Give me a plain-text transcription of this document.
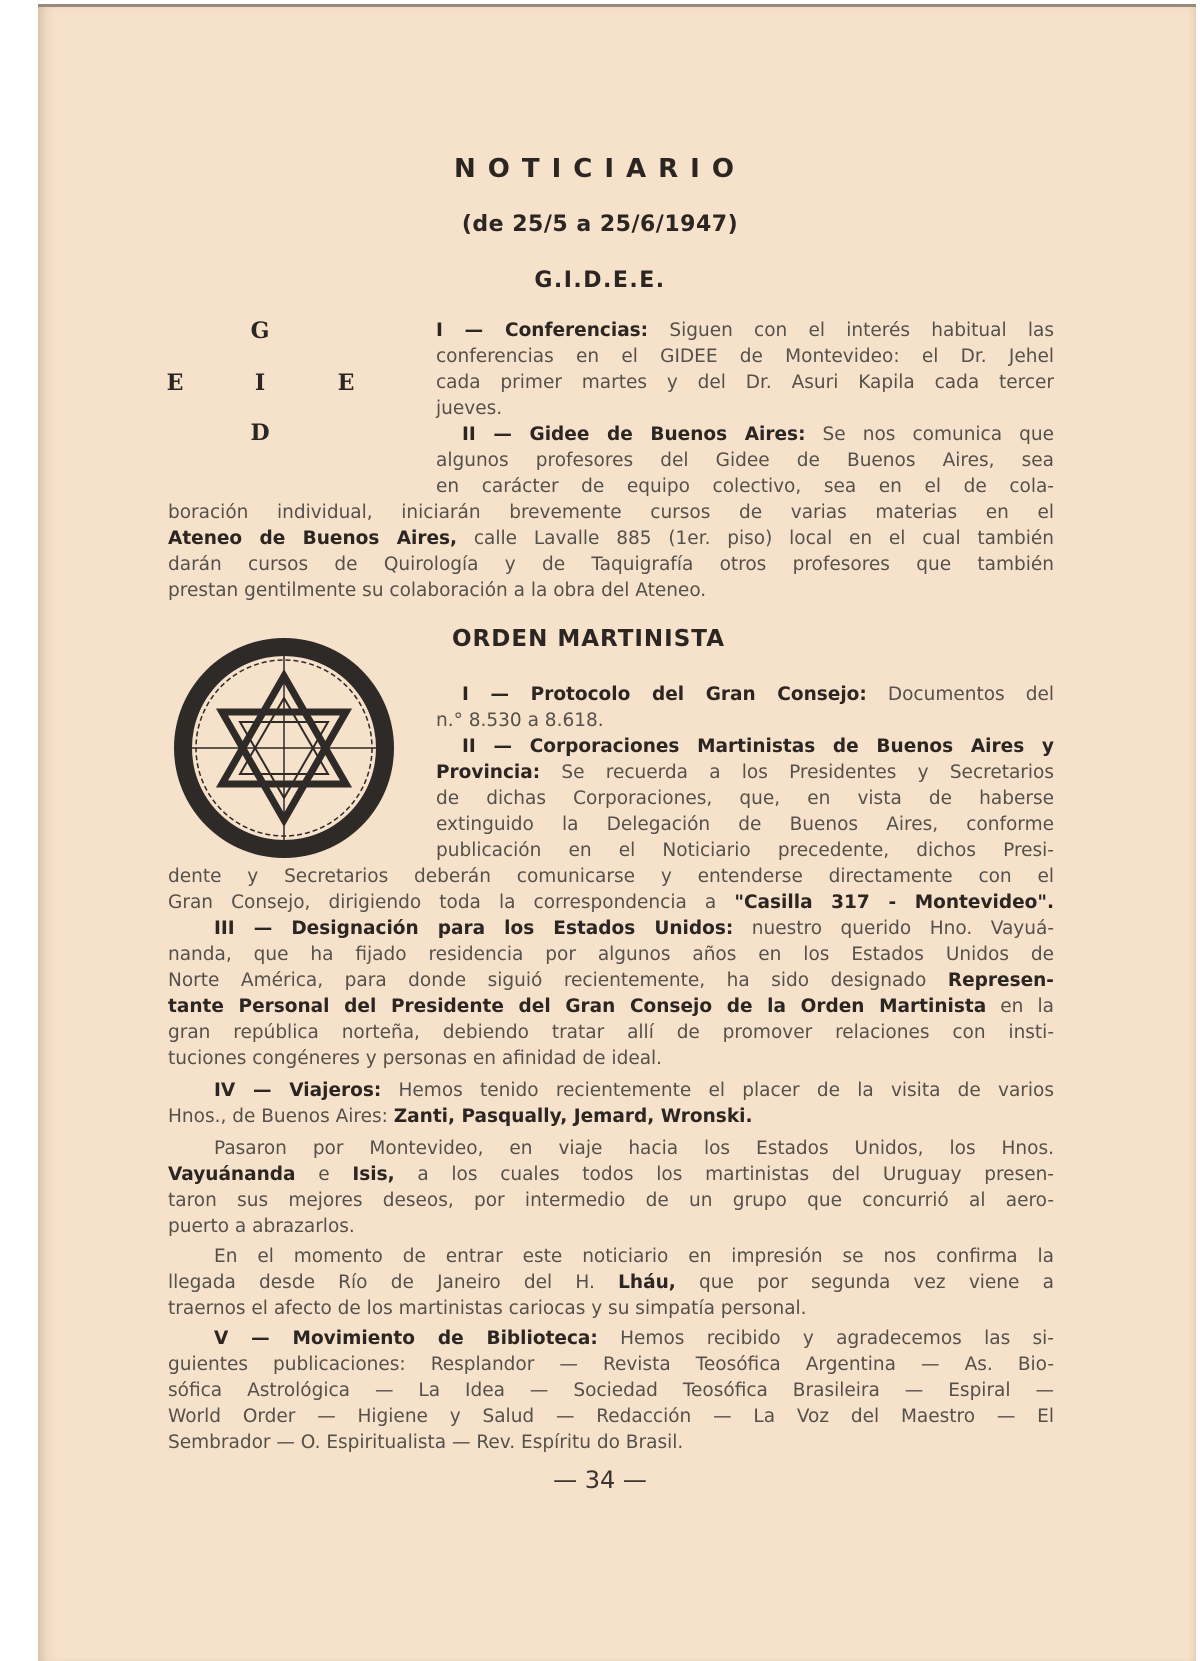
NOTICIARIO
(de 25/5 a 25/6/1947)
G.I.D.E.E.
G
E	I	E
D
I — Conferencias: Siguen con el interés habitual las
conferencias en el GIDEE de Montevideo: el Dr. Jehel
cada primer martes y del Dr. Asuri Kapila cada tercer
jueves.
II — Gidee de Buenos Aires: Se nos comunica que
algunos profesores del Gidee de Buenos Aires, sea
en carácter de equipo colectivo, sea en el de cola-
boración individual, iniciarán brevemente cursos de varias materias en el
Ateneo de Buenos Aires, calle Lavalle 885 (1er. piso) local en el cual también
darán cursos de Quirología y de Taquigrafía otros profesores que también
prestan gentilmente su colaboración a la obra del Ateneo.
ORDEN MARTINISTA
I — Protocolo del Gran Consejo: Documentos del
n.° 8.530 a 8.618.
II — Corporaciones Martinistas de Buenos Aires y
Provincia: Se recuerda a los Presidentes y Secretarios
de dichas Corporaciones, que, en vista de haberse
extinguido la Delegación de Buenos Aires, conforme
publicación en el Noticiario precedente, dichos Presi-
dente y Secretarios deberán comunicarse y entenderse directamente con el
Gran Consejo, dirigiendo toda la correspondencia a "Casilla 317 - Montevideo".
III — Designación para los Estados Unidos: nuestro querido Hno. Vayuá-
nanda, que ha fijado residencia por algunos años en los Estados Unidos de
Norte América, para donde siguió recientemente, ha sido designado Represen-
tante Personal del Presidente del Gran Consejo de la Orden Martinista en la
gran república norteña, debiendo tratar allí de promover relaciones con insti-
tuciones congéneres y personas en afinidad de ideal.
IV — Viajeros: Hemos tenido recientemente el placer de la visita de varios
Hnos., de Buenos Aires: Zanti, Pasqually, Jemard, Wronski.
Pasaron por Montevideo, en viaje hacia los Estados Unidos, los Hnos.
Vayuánanda e Isis, a los cuales todos los martinistas del Uruguay presen-
taron sus mejores deseos, por intermedio de un grupo que concurrió al aero-
puerto a abrazarlos.
En el momento de entrar este noticiario en impresión se nos confirma la
llegada desde Río de Janeiro del H. Lháu, que por segunda vez viene a
traernos el afecto de los martinistas cariocas y su simpatía personal.
V — Movimiento de Biblioteca: Hemos recibido y agradecemos las si-
guientes publicaciones: Resplandor — Revista Teosófica Argentina — As. Bio-
sófica Astrológica — La Idea — Sociedad Teosófica Brasileira — Espiral —
World Order — Higiene y Salud — Redacción — La Voz del Maestro — El
Sembrador — O. Espiritualista — Rev. Espíritu do Brasil.
— 34 —
